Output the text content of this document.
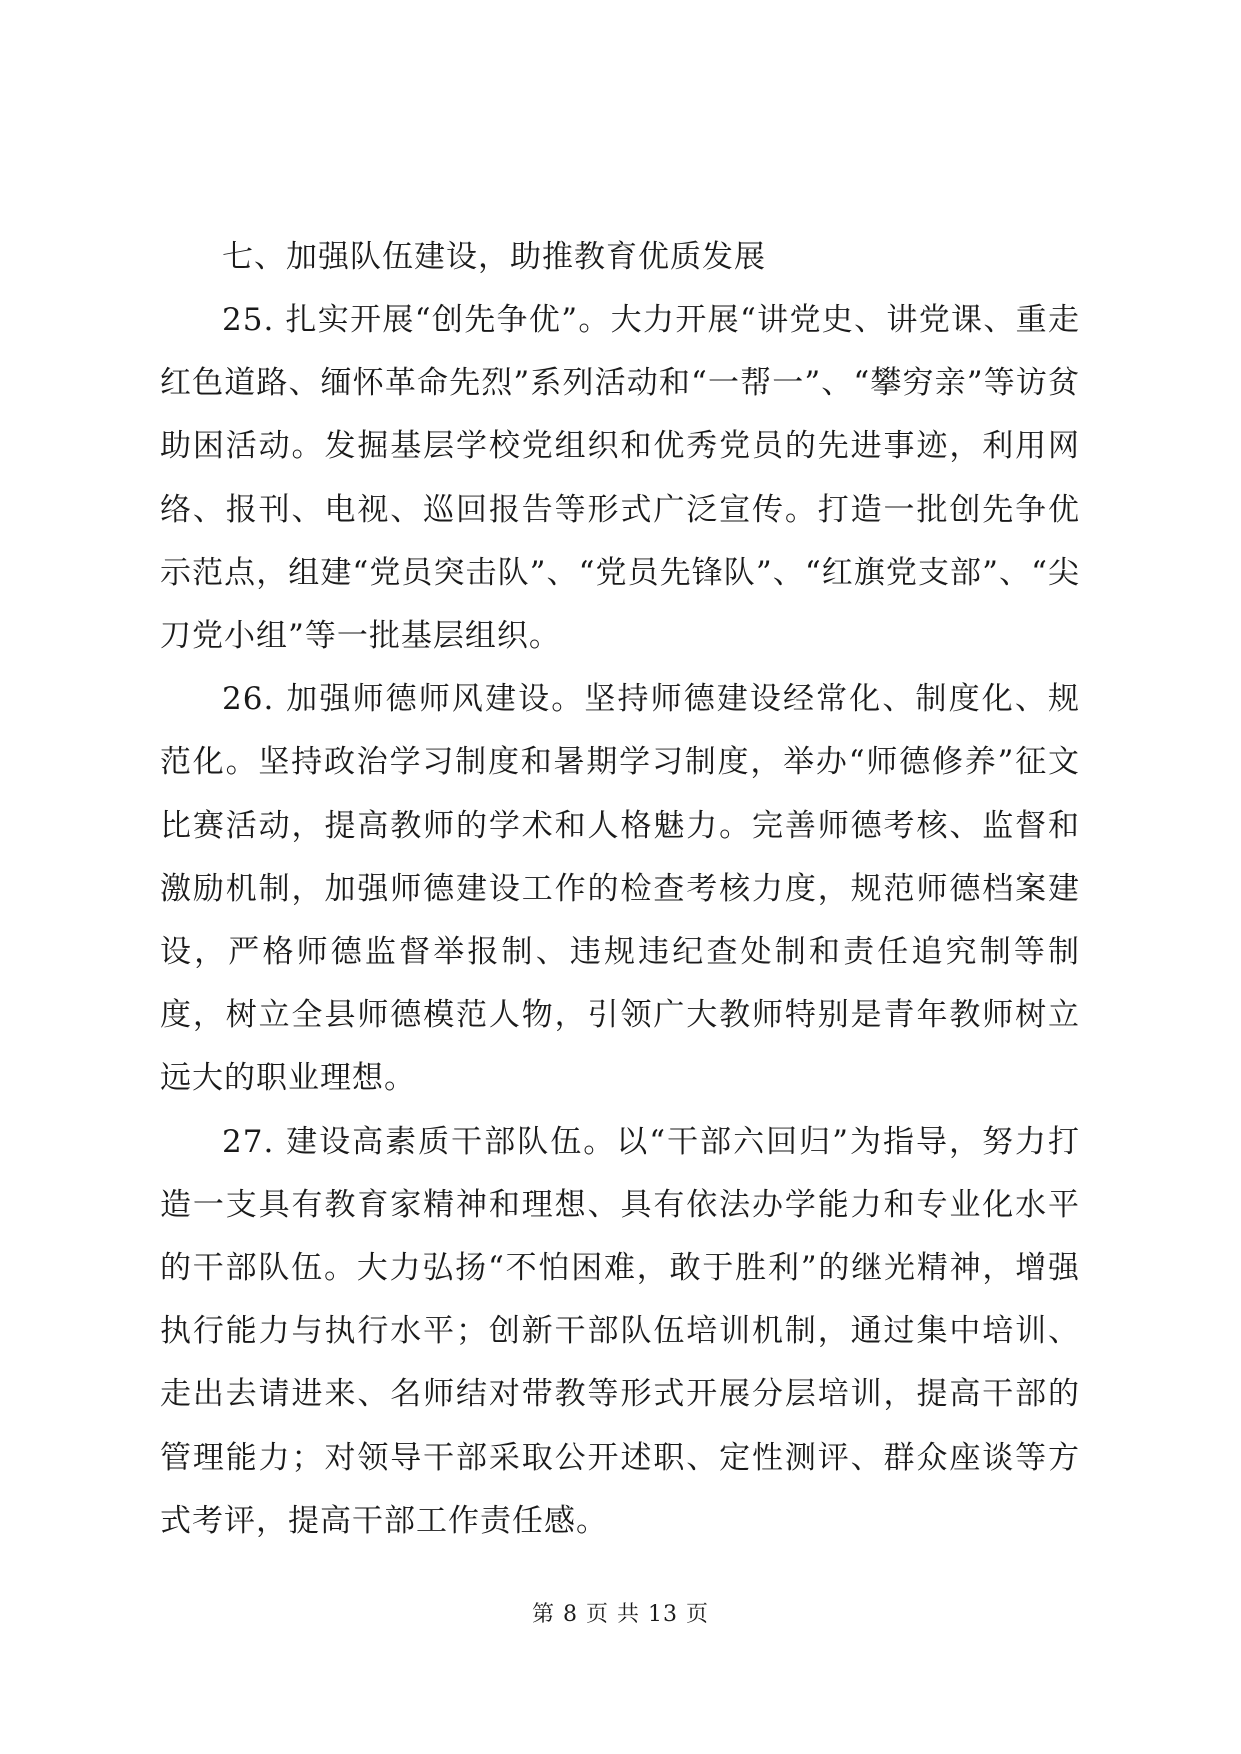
七、加强队伍建设，助推教育优质发展

25. 扎实开展“创先争优”。大力开展“讲党史、讲党课、重走红色道路、缅怀革命先烈”系列活动和“一帮一”、“攀穷亲”等访贫助困活动。发掘基层学校党组织和优秀党员的先进事迹，利用网络、报刊、电视、巡回报告等形式广泛宣传。打造一批创先争优示范点，组建“党员突击队”、“党员先锋队”、“红旗党支部”、“尖刀党小组”等一批基层组织。

26. 加强师德师风建设。坚持师德建设经常化、制度化、规范化。坚持政治学习制度和暑期学习制度，举办“师德修养”征文比赛活动，提高教师的学术和人格魅力。完善师德考核、监督和激励机制，加强师德建设工作的检查考核力度，规范师德档案建设，严格师德监督举报制、违规违纪查处制和责任追究制等制度，树立全县师德模范人物，引领广大教师特别是青年教师树立远大的职业理想。

27. 建设高素质干部队伍。以“干部六回归”为指导，努力打造一支具有教育家精神和理想、具有依法办学能力和专业化水平的干部队伍。大力弘扬“不怕困难，敢于胜利”的继光精神，增强执行能力与执行水平；创新干部队伍培训机制，通过集中培训、走出去请进来、名师结对带教等形式开展分层培训，提高干部的管理能力；对领导干部采取公开述职、定性测评、群众座谈等方式考评，提高干部工作责任感。

第 8 页 共 13 页
